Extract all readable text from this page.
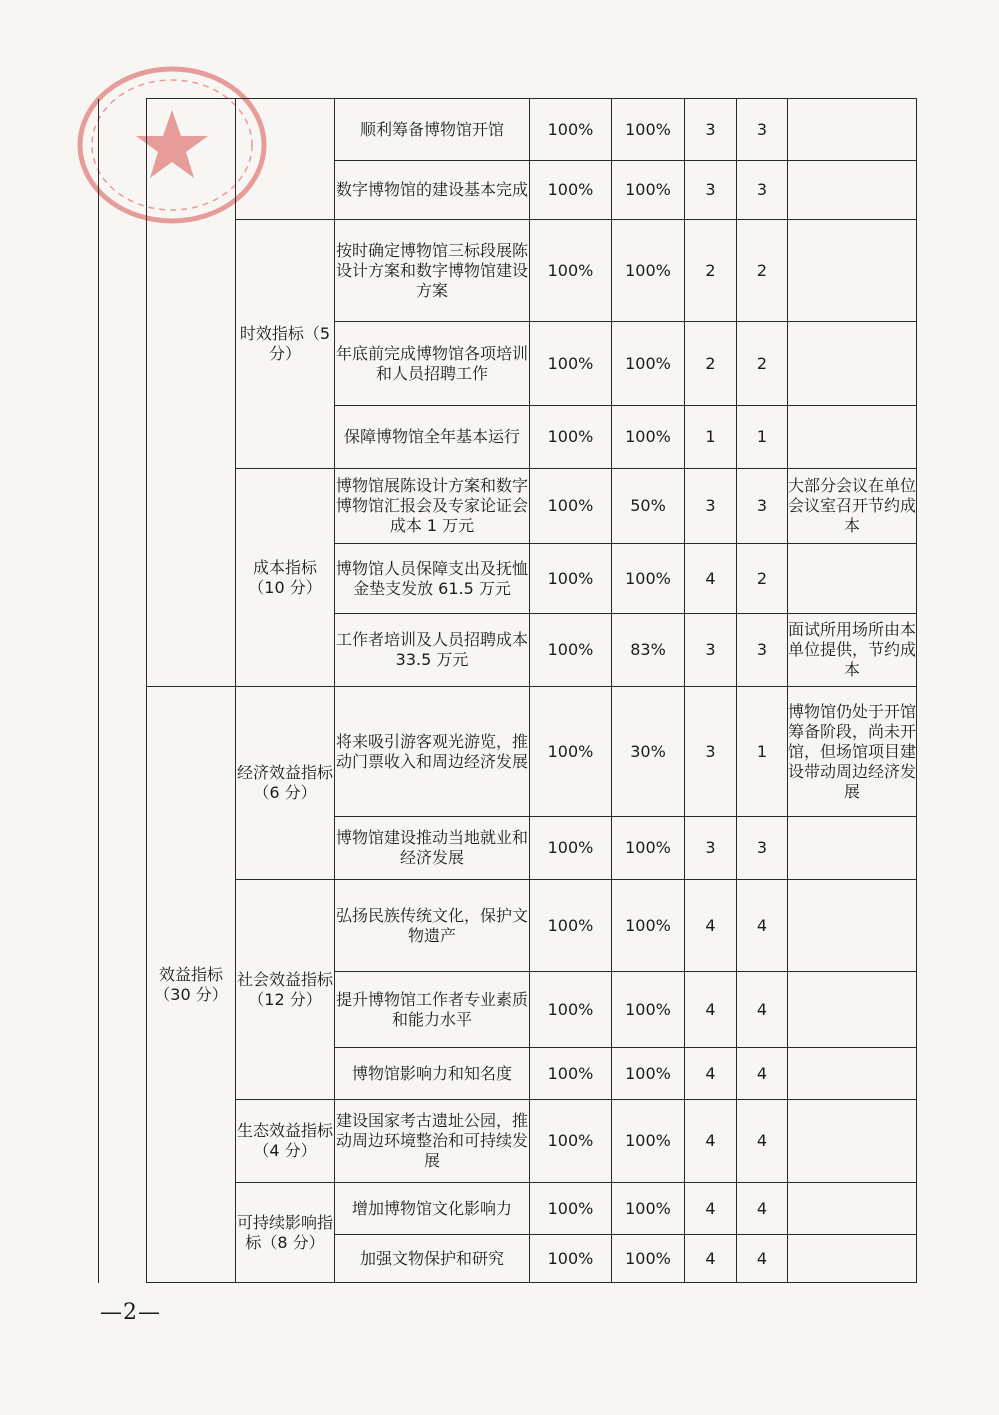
			顺利筹备博物馆开馆	100%	100%	3	3	
			数字博物馆的建设基本完成	100%	100%	3	3	
		时效指标（5 分）	按时确定博物馆三标段展陈设计方案和数字博物馆建设方案	100%	100%	2	2	
			年底前完成博物馆各项培训和人员招聘工作	100%	100%	2	2	
			保障博物馆全年基本运行	100%	100%	1	1	
		成本指标（10 分）	博物馆展陈设计方案和数字博物馆汇报会及专家论证会成本 1 万元	100%	50%	3	3	大部分会议在单位会议室召开节约成本
			博物馆人员保障支出及抚恤金垫支发放 61.5 万元	100%	100%	4	2	
			工作者培训及人员招聘成本 33.5 万元	100%	83%	3	3	面试所用场所由本单位提供，节约成本
	效益指标（30 分）	经济效益指标（6 分）	将来吸引游客观光游览，推动门票收入和周边经济发展	100%	30%	3	1	博物馆仍处于开馆筹备阶段，尚未开馆，但场馆项目建设带动周边经济发展
			博物馆建设推动当地就业和经济发展	100%	100%	3	3	
		社会效益指标（12 分）	弘扬民族传统文化，保护文物遗产	100%	100%	4	4	
			提升博物馆工作者专业素质和能力水平	100%	100%	4	4	
			博物馆影响力和知名度	100%	100%	4	4	
		生态效益指标（4 分）	建设国家考古遗址公园，推动周边环境整治和可持续发展	100%	100%	4	4	
		可持续影响指标（8 分）	增加博物馆文化影响力	100%	100%	4	4	
			加强文物保护和研究	100%	100%	4	4	
—2—
